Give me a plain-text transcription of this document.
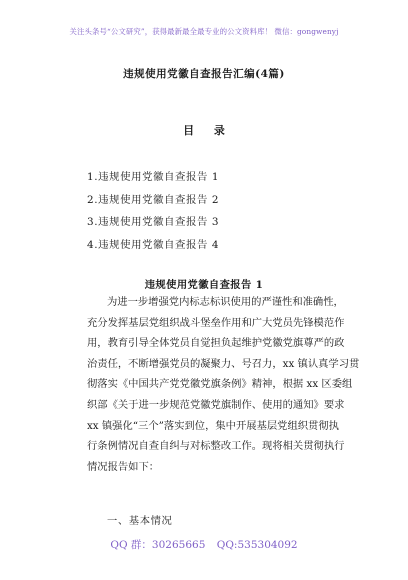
关注头条号“公文研究”，获得最新最全最专业的公文资料库！ 微信：gongwenyj
违规使用党徽自查报告汇编(4篇)
目 录
1.违规使用党徽自查报告 1
2.违规使用党徽自查报告 2
3.违规使用党徽自查报告 3
4.违规使用党徽自查报告 4
违规使用党徽自查报告 1
为进一步增强党内标志标识使用的严谨性和准确性，
充分发挥基层党组织战斗堡垒作用和广大党员先锋模范作
用，教育引导全体党员自觉担负起维护党徽党旗尊严的政
治责任，不断增强党员的凝聚力、号召力，xx 镇认真学习贯
彻落实《中国共产党党徽党旗条例》精神，根据 xx 区委组
织部《关于进一步规范党徽党旗制作、使用的通知》要求
xx 镇强化“三个”落实到位，集中开展基层党组织贯彻执
行条例情况自查自纠与对标整改工作。现将相关贯彻执行
情况报告如下：
一、基本情况
QQ 群：30265665 QQ:535304092
